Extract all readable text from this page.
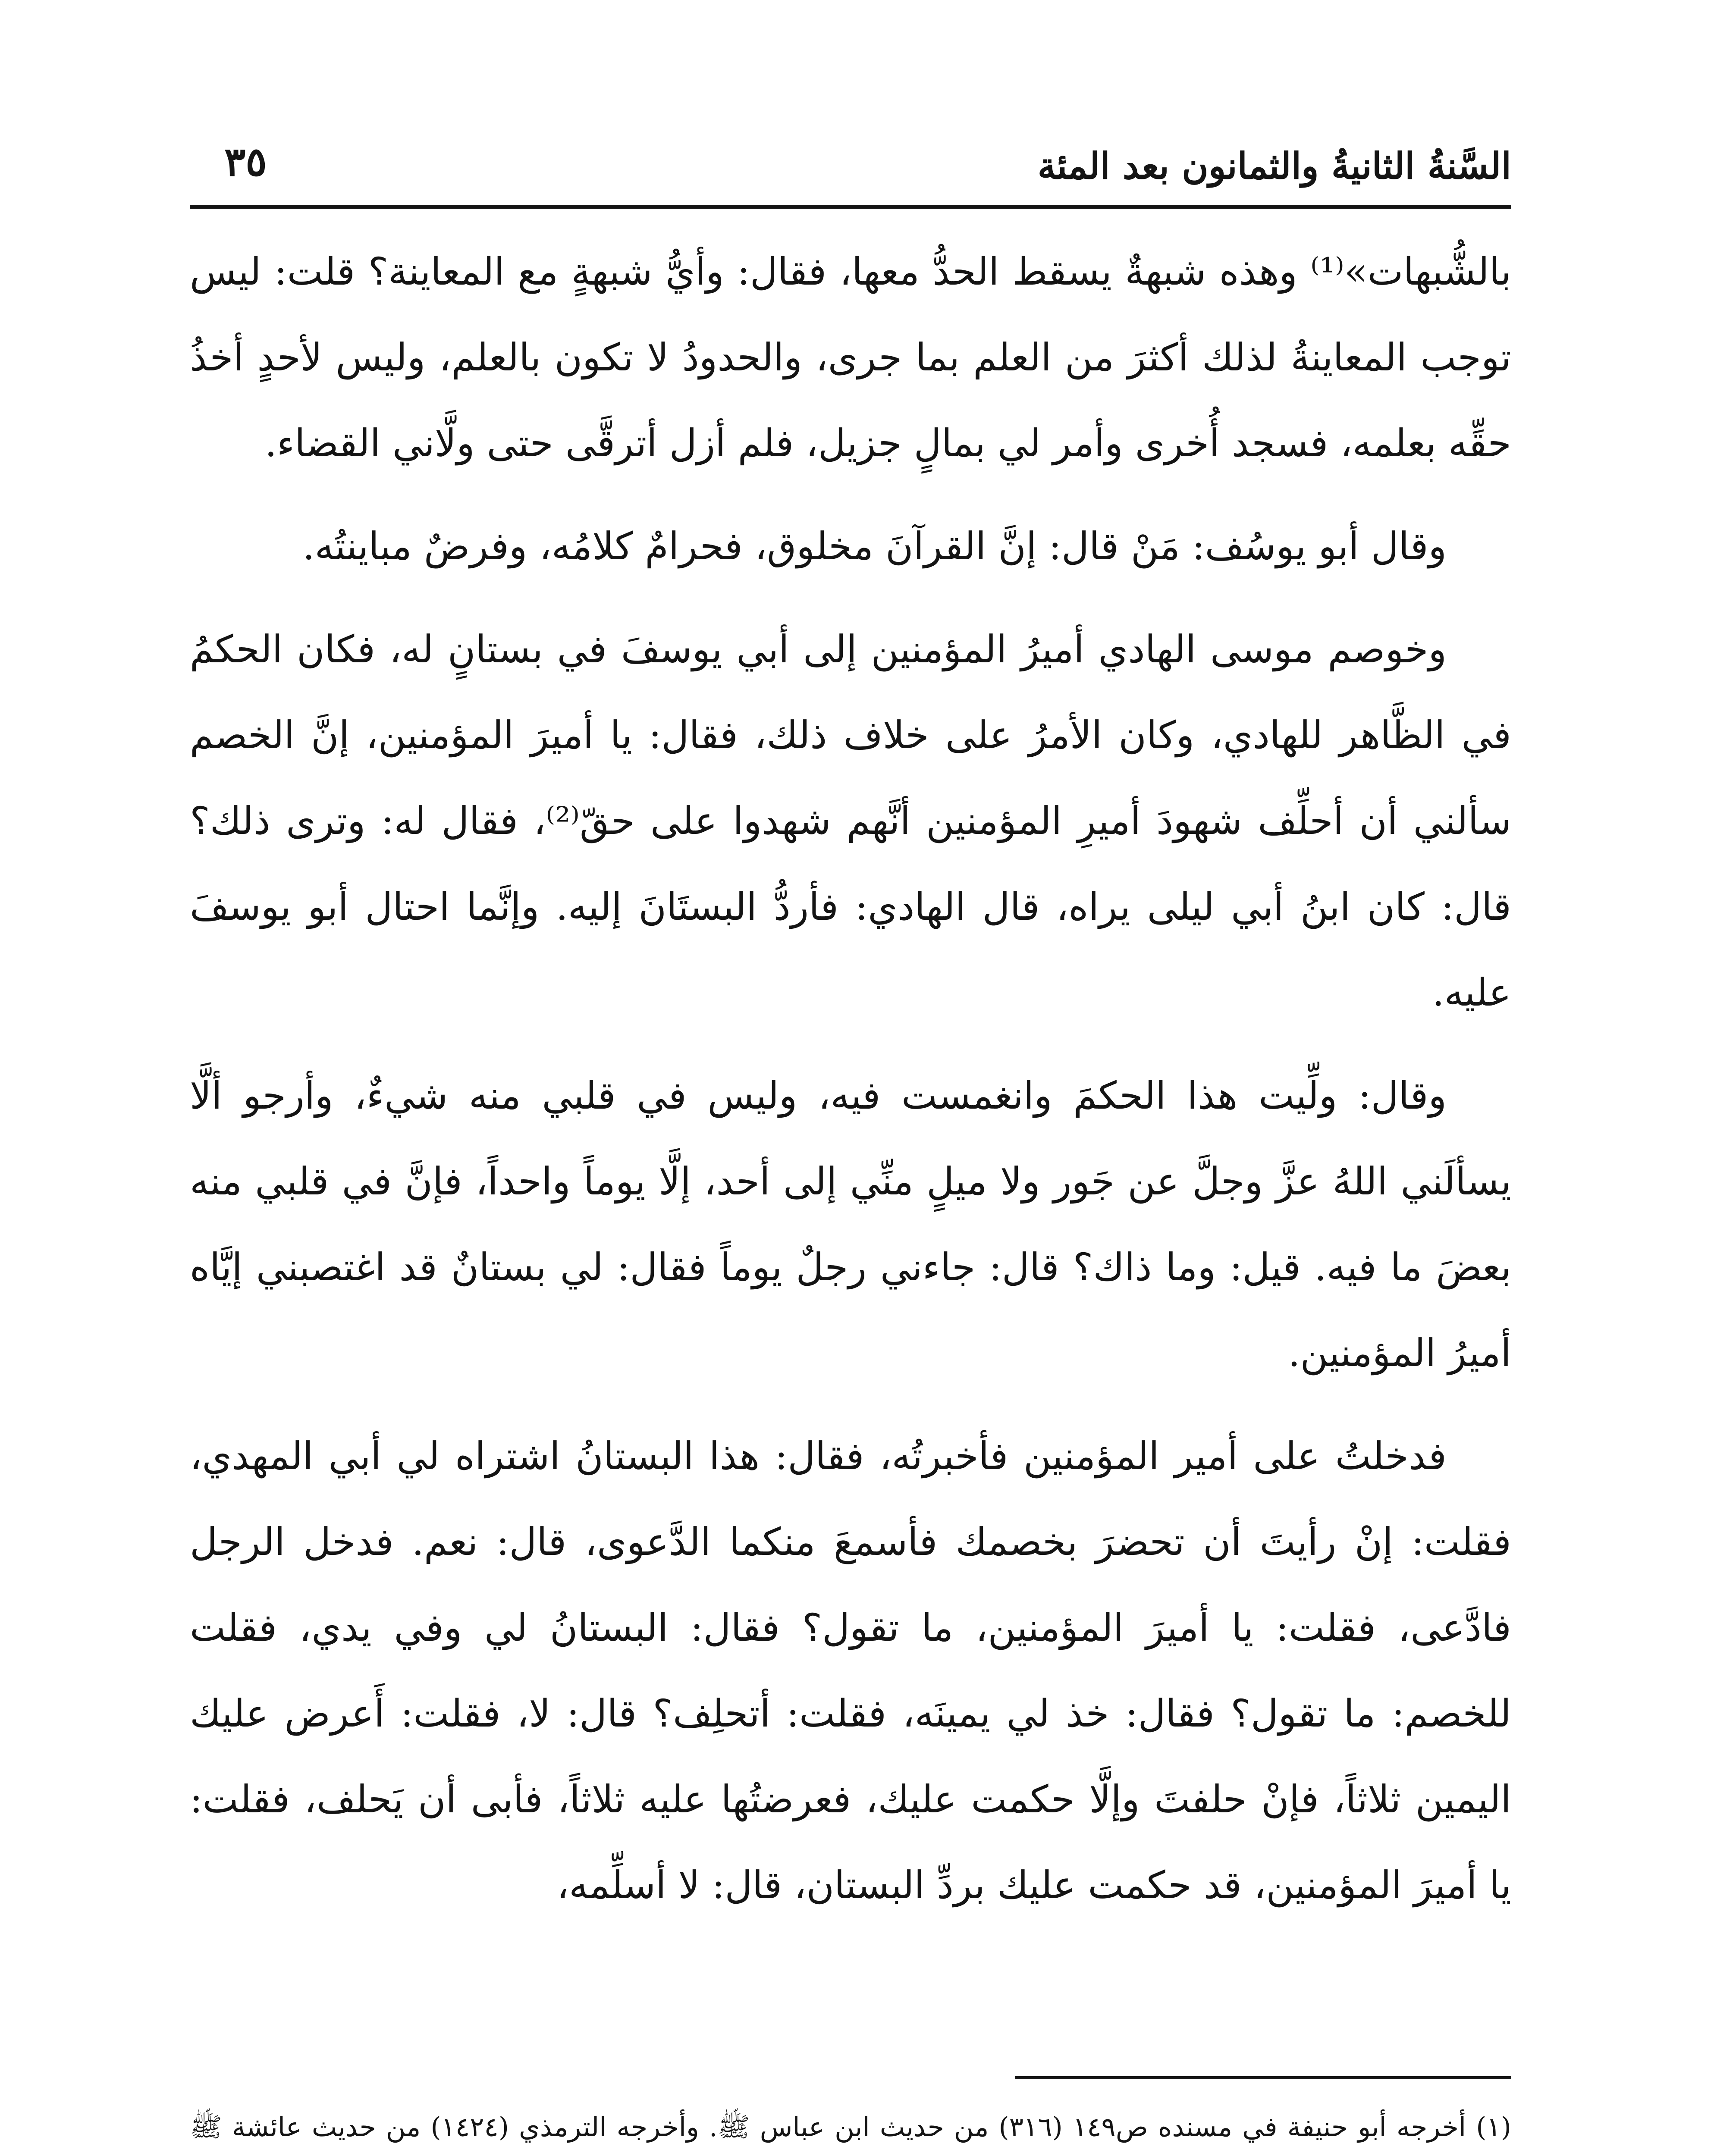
السَّنةُ الثانيةُ والثمانون بعد المئة
٣٥

بالشُّبهات»⁽¹⁾ وهذه شبهةٌ يسقط الحدُّ معها، فقال: وأيُّ شبهةٍ مع المعاينة؟ قلت: ليس توجب المعاينةُ لذلك أكثرَ من العلم بما جرى، والحدودُ لا تكون بالعلم، وليس لأحدٍ أخذُ حقِّه بعلمه، فسجد أُخرى وأمر لي بمالٍ جزيل، فلم أزل أترقَّى حتى ولَّاني القضاء.

وقال أبو يوسُف: مَنْ قال: إنَّ القرآنَ مخلوق، فحرامٌ كلامُه، وفرضٌ مباينتُه.

وخوصم موسى الهادي أميرُ المؤمنين إلى أبي يوسفَ في بستانٍ له، فكان الحكمُ في الظَّاهر للهادي، وكان الأمرُ على خلاف ذلك، فقال: يا أميرَ المؤمنين، إنَّ الخصم سألني أن أحلِّف شهودَ أميرِ المؤمنين أنَّهم شهدوا على حقّ⁽²⁾، فقال له: وترى ذلك؟ قال: كان ابنُ أبي ليلى يراه، قال الهادي: فأردُّ البستَانَ إليه. وإنَّما احتال أبو يوسفَ عليه.

وقال: ولِّيت هذا الحكمَ وانغمست فيه، وليس في قلبي منه شيءٌ، وأرجو ألَّا يسألَني اللهُ عزَّ وجلَّ عن جَور ولا ميلٍ منِّي إلى أحد، إلَّا يوماً واحداً، فإنَّ في قلبي منه بعضَ ما فيه. قيل: وما ذاك؟ قال: جاءني رجلٌ يوماً فقال: لي بستانٌ قد اغتصبني إيَّاه أميرُ المؤمنين.

فدخلتُ على أمير المؤمنين فأخبرتُه، فقال: هذا البستانُ اشتراه لي أبي المهدي، فقلت: إنْ رأيتَ أن تحضرَ بخصمك فأسمعَ منكما الدَّعوى، قال: نعم. فدخل الرجل فادَّعى، فقلت: يا أميرَ المؤمنين، ما تقول؟ فقال: البستانُ لي وفي يدي، فقلت للخصم: ما تقول؟ فقال: خذ لي يمينَه، فقلت: أتحلِف؟ قال: لا، فقلت: أَعرض عليك اليمين ثلاثاً، فإنْ حلفتَ وإلَّا حكمت عليك، فعرضتُها عليه ثلاثاً، فأبى أن يَحلف، فقلت: يا أميرَ المؤمنين، قد حكمت عليك بردِّ البستان، قال: لا أسلِّمه،

(١) أخرجه أبو حنيفة في مسنده ص١٤٩ (٣١٦) من حديث ابن عباس ﷺ. وأخرجه الترمذي (١٤٢٤) من حديث عائشة ﷺ
